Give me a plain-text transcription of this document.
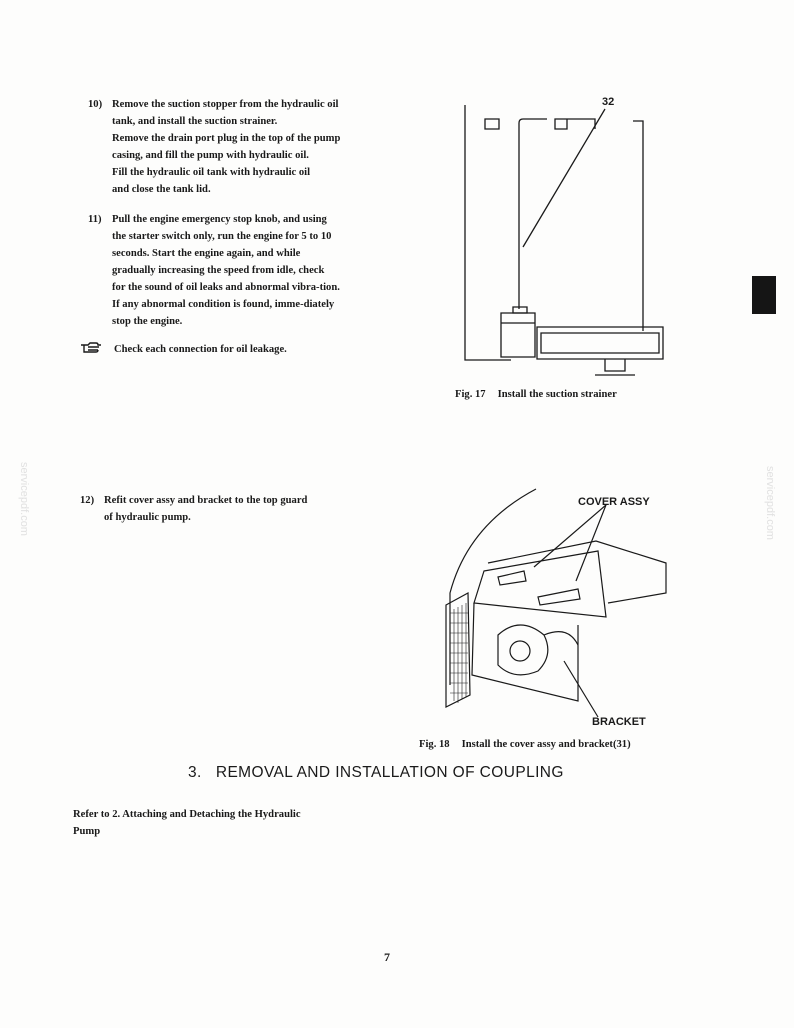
10) Remove the suction stopper from the hydraulic oil

tank, and install the suction strainer.

Remove the drain port plug in the top of the pump

casing, and fill the pump with hydraulic oil.

Fill the hydraulic oil tank with hydraulic oil

and close the tank lid.

11) Pull the engine emergency stop knob, and using

the starter switch only, run the engine for 5 to 10

seconds. Start the engine again, and while

gradually increasing the speed from idle, check

for the sound of oil leaks and abnormal vibra-tion.

If any abnormal condition is found, imme-diately

stop the engine.

Check each connection for oil leakage.
32
Fig. 17 Install the suction strainer
12) Refit cover assy and bracket to the top guard

of hydraulic pump.

COVER ASSY
BRACKET
Fig. 18 Install the cover assy and bracket(31)
3.   REMOVAL AND INSTALLATION OF COUPLING
Refer to 2. Attaching and Detaching the Hydraulic
Pump
7
servicepdf.com	servicepdf.com
